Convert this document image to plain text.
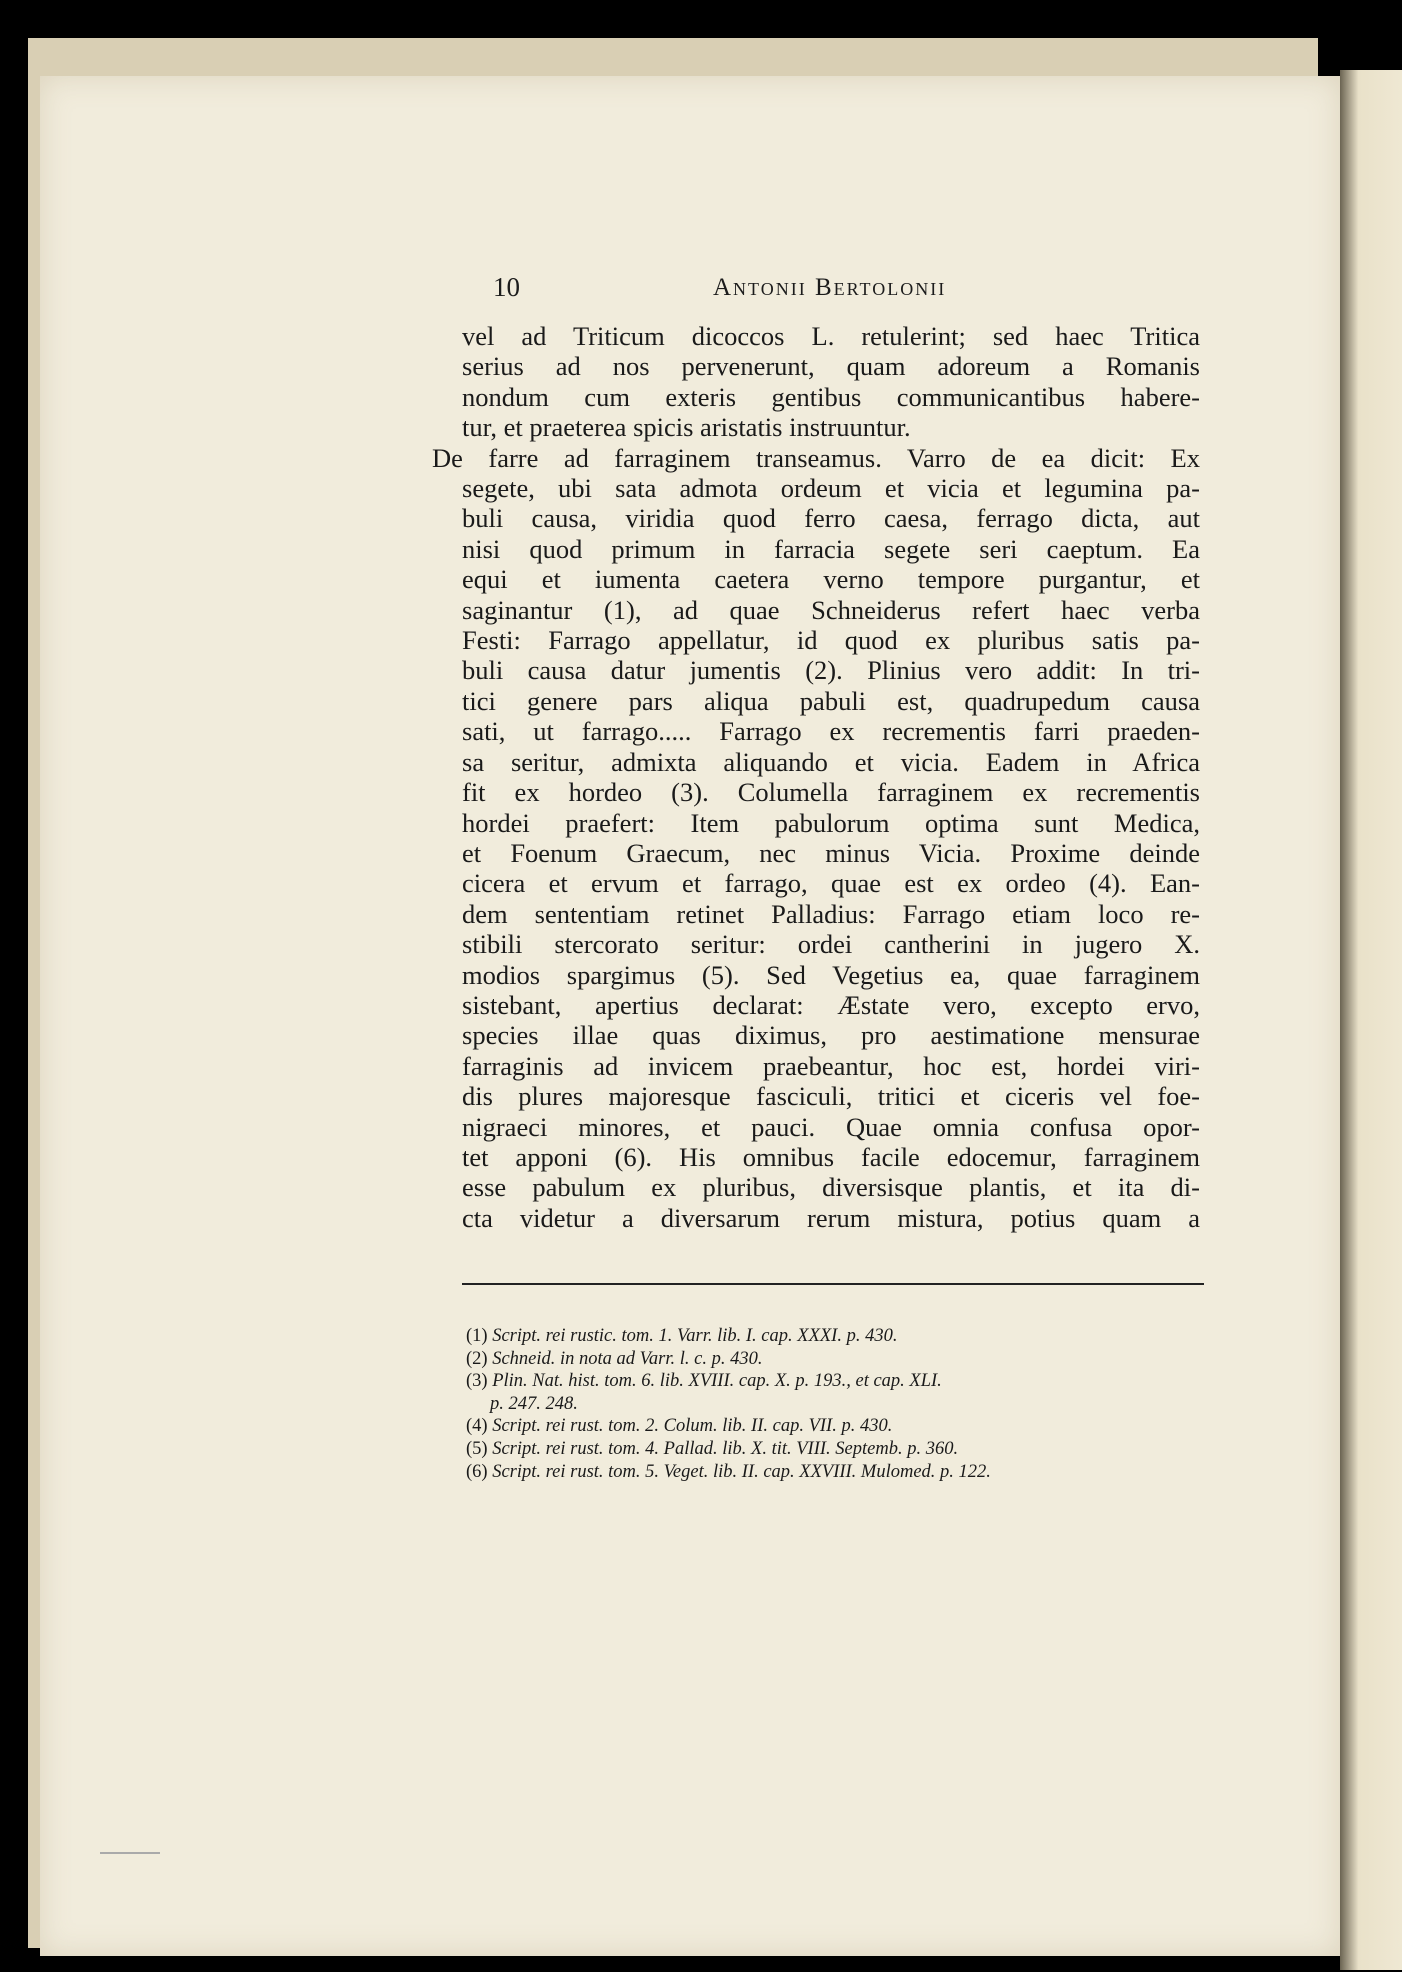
10	Antonii Bertolonii
vel ad Triticum dicoccos L. retulerint; sed haec Tritica
serius ad nos pervenerunt, quam adoreum a Romanis
nondum cum exteris gentibus communicantibus habere-
tur, et praeterea spicis aristatis instruuntur.
De farre ad farraginem transeamus. Varro de ea dicit: Ex
segete, ubi sata admota ordeum et vicia et legumina pa-
buli causa, viridia quod ferro caesa, ferrago dicta, aut
nisi quod primum in farracia segete seri caeptum. Ea
equi et iumenta caetera verno tempore purgantur, et
saginantur (1), ad quae Schneiderus refert haec verba
Festi: Farrago appellatur, id quod ex pluribus satis pa-
buli causa datur jumentis (2). Plinius vero addit: In tri-
tici genere pars aliqua pabuli est, quadrupedum causa
sati, ut farrago..... Farrago ex recrementis farri praeden-
sa seritur, admixta aliquando et vicia. Eadem in Africa
fit ex hordeo (3). Columella farraginem ex recrementis
hordei praefert: Item pabulorum optima sunt Medica,
et Foenum Graecum, nec minus Vicia. Proxime deinde
cicera et ervum et farrago, quae est ex ordeo (4). Ean-
dem sententiam retinet Palladius: Farrago etiam loco re-
stibili stercorato seritur: ordei cantherini in jugero X.
modios spargimus (5). Sed Vegetius ea, quae farraginem
sistebant, apertius declarat: Æstate vero, excepto ervo,
species illae quas diximus, pro aestimatione mensurae
farraginis ad invicem praebeantur, hoc est, hordei viri-
dis plures majoresque fasciculi, tritici et ciceris vel foe-
nigraeci minores, et pauci. Quae omnia confusa opor-
tet apponi (6). His omnibus facile edocemur, farraginem
esse pabulum ex pluribus, diversisque plantis, et ita di-
cta videtur a diversarum rerum mistura, potius quam a
(1) Script. rei rustic. tom. 1. Varr. lib. I. cap. XXXI. p. 430.
(2) Schneid. in nota ad Varr. l. c. p. 430.
(3) Plin. Nat. hist. tom. 6. lib. XVIII. cap. X. p. 193., et cap. XLI.
p. 247. 248.
(4) Script. rei rust. tom. 2. Colum. lib. II. cap. VII. p. 430.
(5) Script. rei rust. tom. 4. Pallad. lib. X. tit. VIII. Septemb. p. 360.
(6) Script. rei rust. tom. 5. Veget. lib. II. cap. XXVIII. Mulomed. p. 122.
